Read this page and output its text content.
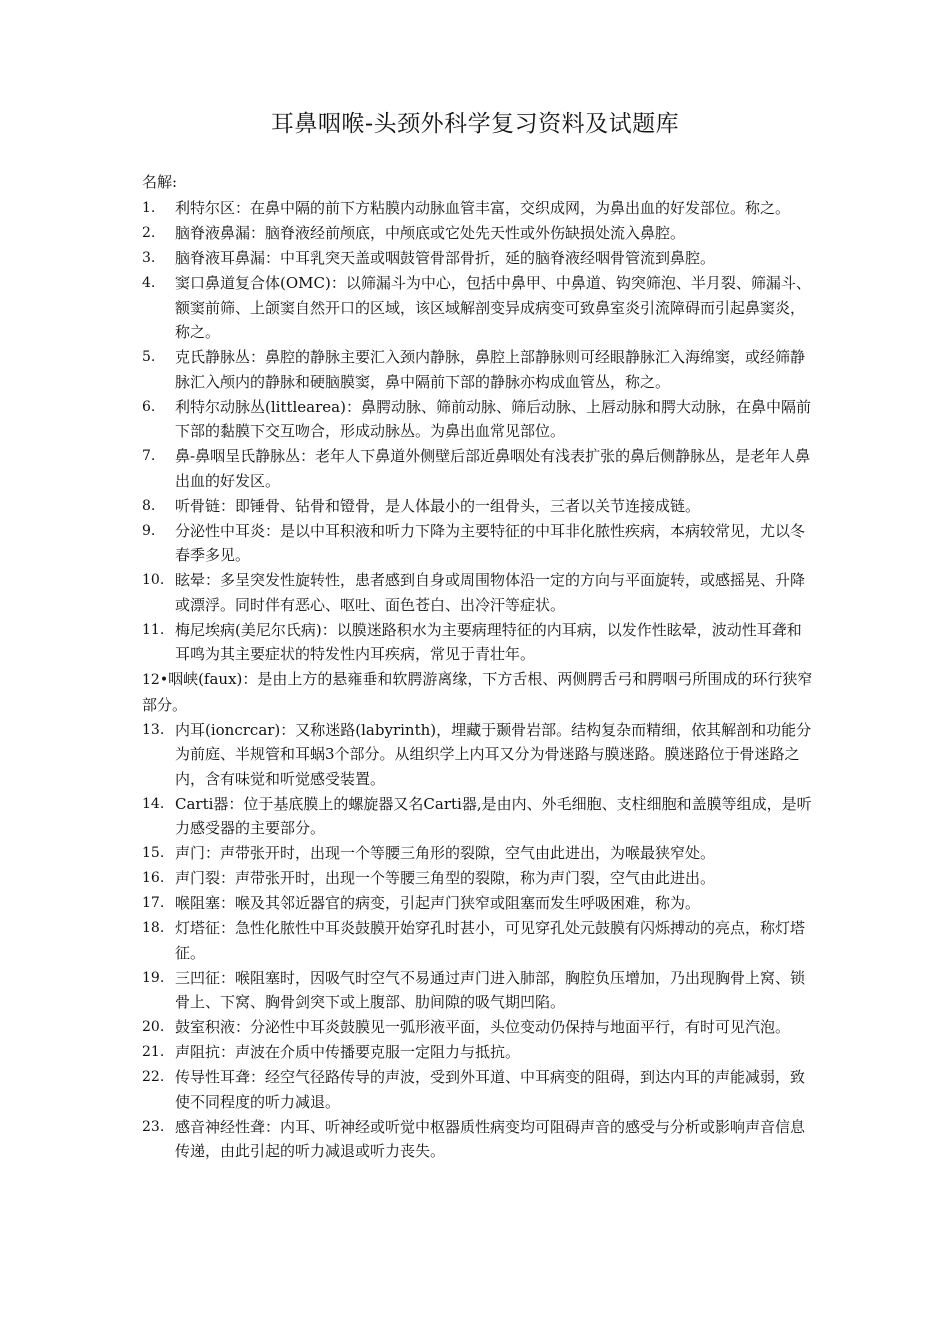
耳鼻咽喉-头颈外科学复习资料及试题库
名解:
1. 利特尔区：在鼻中隔的前下方粘膜内动脉血管丰富，交织成网，为鼻出血的好发部位。称之。
2. 脑脊液鼻漏：脑脊液经前颅底，中颅底或它处先天性或外伤缺损处流入鼻腔。
3. 脑脊液耳鼻漏：中耳乳突天盖或咽鼓管骨部骨折，延的脑脊液经咽骨管流到鼻腔。
4. 窦口鼻道复合体(OMC)：以筛漏斗为中心，包括中鼻甲、中鼻道、钩突筛泡、半月裂、筛漏斗、额窦前筛、上颌窦自然开口的区域，该区域解剖变异成病变可致鼻室炎引流障碍而引起鼻窦炎，称之。
5. 克氏静脉丛：鼻腔的静脉主要汇入颈内静脉，鼻腔上部静脉则可经眼静脉汇入海绵窦，或经筛静脉汇入颅内的静脉和硬脑膜窦，鼻中隔前下部的静脉亦构成血管丛，称之。
6. 利特尔动脉丛(littlearea)：鼻腭动脉、筛前动脉、筛后动脉、上唇动脉和腭大动脉，在鼻中隔前下部的黏膜下交互吻合，形成动脉丛。为鼻出血常见部位。
7. 鼻-鼻咽呈氏静脉丛：老年人下鼻道外侧壁后部近鼻咽处有浅表扩张的鼻后侧静脉丛，是老年人鼻出血的好发区。
8. 听骨链：即锤骨、钻骨和镫骨，是人体最小的一组骨头，三者以关节连接成链。
9. 分泌性中耳炎：是以中耳积液和听力下降为主要特征的中耳非化脓性疾病，本病较常见，尤以冬春季多见。
10. 眩晕：多呈突发性旋转性，患者感到自身或周围物体沿一定的方向与平面旋转，或感摇晃、升降或漂浮。同时伴有恶心、呕吐、面色苍白、出冷汗等症状。
11. 梅尼埃病(美尼尔氏病)：以膜迷路积水为主要病理特征的内耳病，以发作性眩晕，波动性耳聋和耳鸣为其主要症状的特发性内耳疾病，常见于青壮年。
12•咽峡(faux)：是由上方的悬雍垂和软腭游离缘，下方舌根、两侧腭舌弓和腭咽弓所围成的环行狭窄部分。
13. 内耳(ioncrcar)：又称迷路(labyrinth)，埋藏于颞骨岩部。结构复杂而精细，依其解剖和功能分为前庭、半规管和耳蜗3个部分。从组织学上内耳又分为骨迷路与膜迷路。膜迷路位于骨迷路之内，含有味觉和听觉感受装置。
14. Carti器：位于基底膜上的螺旋器又名Carti器,是由内、外毛细胞、支柱细胞和盖膜等组成，是听力感受器的主要部分。
15. 声门：声带张开时，出现一个等腰三角形的裂隙，空气由此进出，为喉最狭窄处。
16. 声门裂：声带张开时，出现一个等腰三角型的裂隙，称为声门裂，空气由此进出。
17. 喉阻塞：喉及其邻近器官的病变，引起声门狭窄或阻塞而发生呼吸困难，称为。
18. 灯塔征：急性化脓性中耳炎鼓膜开始穿孔时甚小，可见穿孔处元鼓膜有闪烁搏动的亮点，称灯塔征。
19. 三凹征：喉阻塞时，因吸气时空气不易通过声门进入肺部，胸腔负压增加，乃出现胸骨上窝、锁骨上、下窝、胸骨剑突下或上腹部、肋间隙的吸气期凹陷。
20. 鼓室积液：分泌性中耳炎鼓膜见一弧形液平面，头位变动仍保持与地面平行，有时可见汽泡。
21. 声阻抗：声波在介质中传播要克服一定阻力与抵抗。
22. 传导性耳聋：经空气径路传导的声波，受到外耳道、中耳病变的阻碍，到达内耳的声能减弱，致使不同程度的听力减退。
23. 感音神经性聋：内耳、听神经或听觉中枢器质性病变均可阻碍声音的感受与分析或影响声音信息传递，由此引起的听力减退或听力丧失。
